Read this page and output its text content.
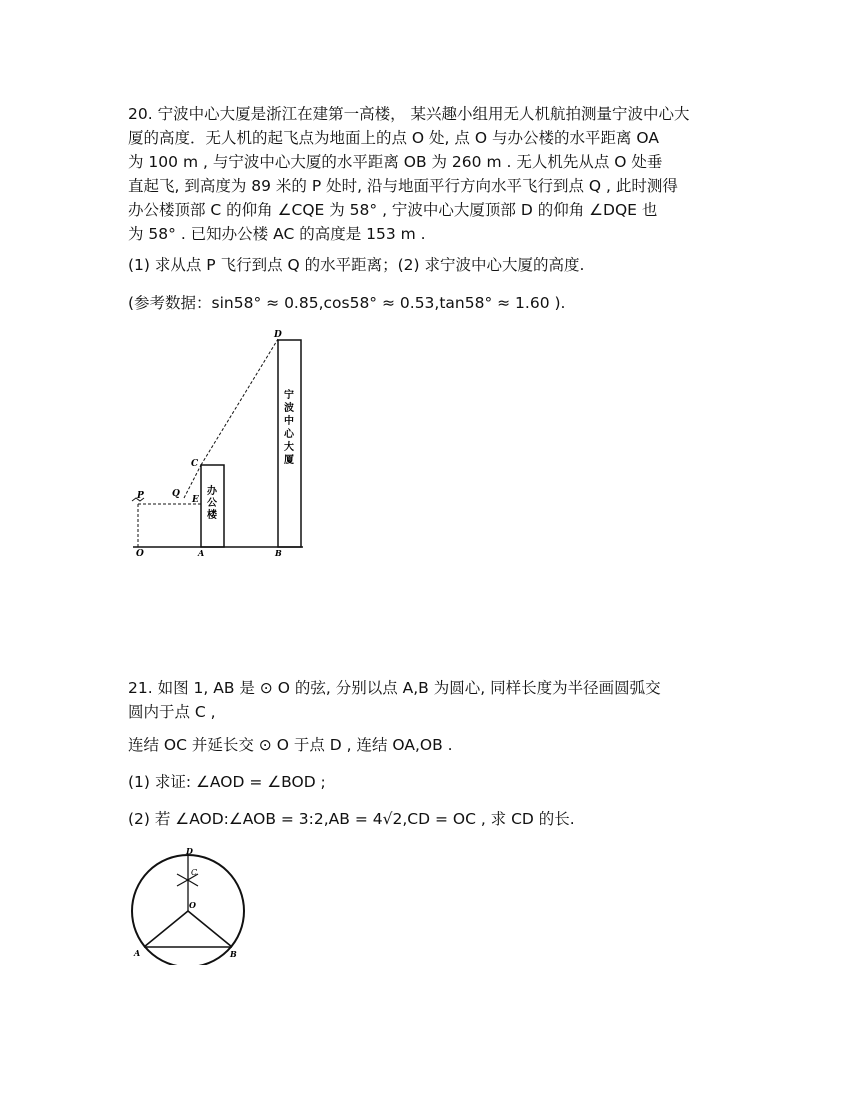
20. 宁波中心大厦是浙江在建第一高楼， 某兴趣小组用无人机航拍测量宁波中心大
厦的高度．无人机的起飞点为地面上的点 O 处, 点 O 与办公楼的水平距离 OA
为 100 m , 与宁波中心大厦的水平距离 OB 为 260 m . 无人机先从点 O 处垂
直起飞, 到高度为 89 米的 P 处时, 沿与地面平行方向水平飞行到点 Q , 此时测得
办公楼顶部 C 的仰角 ∠CQE 为 58° , 宁波中心大厦顶部 D 的仰角 ∠DQE 也
为 58° . 已知办公楼 AC 的高度是 153 m .
(1) 求从点 P 飞行到点 Q 的水平距离；(2) 求宁波中心大厦的高度.
(参考数据：sin58° ≈ 0.85,cos58° ≈ 0.53,tan58° ≈ 1.60 ).
D
C
P	Q
E
O	A	B
办
公
楼
宁
波
中
心
大
厦
21. 如图 1, AB 是 ⊙ O 的弦, 分别以点 A,B 为圆心, 同样长度为半径画圆弧交
圆内于点 C ,
连结 OC 并延长交 ⊙ O 于点 D , 连结 OA,OB .
(1) 求证: ∠AOD = ∠BOD ;
(2) 若 ∠AOD:∠AOB = 3:2,AB = 4√2,CD = OC , 求 CD 的长.
D
C
O
A	B
